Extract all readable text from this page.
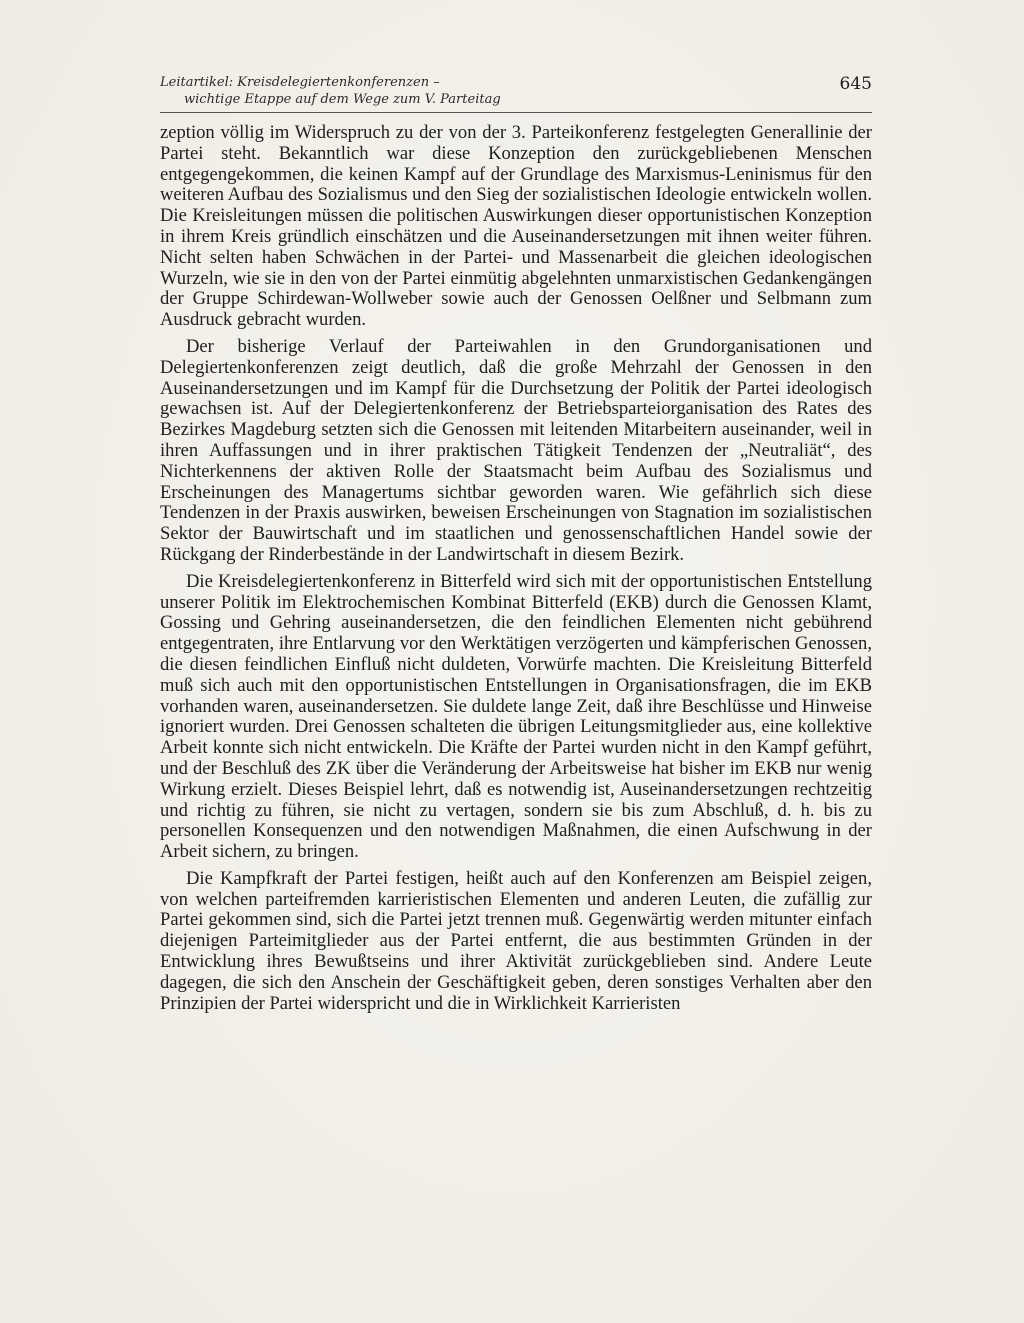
Leitartikel: Kreisdelegiertenkonferenzen –
wichtige Etappe auf dem Wege zum V. Parteitag
645

zeption völlig im Widerspruch zu der von der 3. Parteikonferenz festgelegten Generallinie der Partei steht. Bekanntlich war diese Konzeption den zurückgebliebenen Menschen entgegengekommen, die keinen Kampf auf der Grundlage des Marxismus-Leninismus für den weiteren Aufbau des Sozialismus und den Sieg der sozialistischen Ideologie entwickeln wollen. Die Kreisleitungen müssen die politischen Auswirkungen dieser opportunistischen Konzeption in ihrem Kreis gründlich einschätzen und die Auseinandersetzungen mit ihnen weiter führen. Nicht selten haben Schwächen in der Partei- und Massenarbeit die gleichen ideologischen Wurzeln, wie sie in den von der Partei einmütig abgelehnten unmarxistischen Gedankengängen der Gruppe Schirdewan-Wollweber sowie auch der Genossen Oelßner und Selbmann zum Ausdruck gebracht wurden.

Der bisherige Verlauf der Parteiwahlen in den Grundorganisationen und Delegiertenkonferenzen zeigt deutlich, daß die große Mehrzahl der Genossen in den Auseinandersetzungen und im Kampf für die Durchsetzung der Politik der Partei ideologisch gewachsen ist. Auf der Delegiertenkonferenz der Betriebsparteiorganisation des Rates des Bezirkes Magdeburg setzten sich die Genossen mit leitenden Mitarbeitern auseinander, weil in ihren Auffassungen und in ihrer praktischen Tätigkeit Tendenzen der „Neutraliät“, des Nichterkennens der aktiven Rolle der Staatsmacht beim Aufbau des Sozialismus und Erscheinungen des Managertums sichtbar geworden waren. Wie gefährlich sich diese Tendenzen in der Praxis auswirken, beweisen Erscheinungen von Stagnation im sozialistischen Sektor der Bauwirtschaft und im staatlichen und genossenschaftlichen Handel sowie der Rückgang der Rinderbestände in der Landwirtschaft in diesem Bezirk.

Die Kreisdelegiertenkonferenz in Bitterfeld wird sich mit der opportunistischen Entstellung unserer Politik im Elektrochemischen Kombinat Bitterfeld (EKB) durch die Genossen Klamt, Gossing und Gehring auseinandersetzen, die den feindlichen Elementen nicht gebührend entgegentraten, ihre Entlarvung vor den Werktätigen verzögerten und kämpferischen Genossen, die diesen feindlichen Einfluß nicht duldeten, Vorwürfe machten. Die Kreisleitung Bitterfeld muß sich auch mit den opportunistischen Entstellungen in Organisationsfragen, die im EKB vorhanden waren, auseinandersetzen. Sie duldete lange Zeit, daß ihre Beschlüsse und Hinweise ignoriert wurden. Drei Genossen schalteten die übrigen Leitungsmitglieder aus, eine kollektive Arbeit konnte sich nicht entwickeln. Die Kräfte der Partei wurden nicht in den Kampf geführt, und der Beschluß des ZK über die Veränderung der Arbeitsweise hat bisher im EKB nur wenig Wirkung erzielt. Dieses Beispiel lehrt, daß es notwendig ist, Auseinandersetzungen rechtzeitig und richtig zu führen, sie nicht zu vertagen, sondern sie bis zum Abschluß, d. h. bis zu personellen Konsequenzen und den notwendigen Maßnahmen, die einen Aufschwung in der Arbeit sichern, zu bringen.

Die Kampfkraft der Partei festigen, heißt auch auf den Konferenzen am Beispiel zeigen, von welchen parteifremden karrieristischen Elementen und anderen Leuten, die zufällig zur Partei gekommen sind, sich die Partei jetzt trennen muß. Gegenwärtig werden mitunter einfach diejenigen Parteimitglieder aus der Partei entfernt, die aus bestimmten Gründen in der Entwicklung ihres Bewußtseins und ihrer Aktivität zurückgeblieben sind. Andere Leute dagegen, die sich den Anschein der Geschäftigkeit geben, deren sonstiges Verhalten aber den Prinzipien der Partei widerspricht und die in Wirklichkeit Karrieristen
